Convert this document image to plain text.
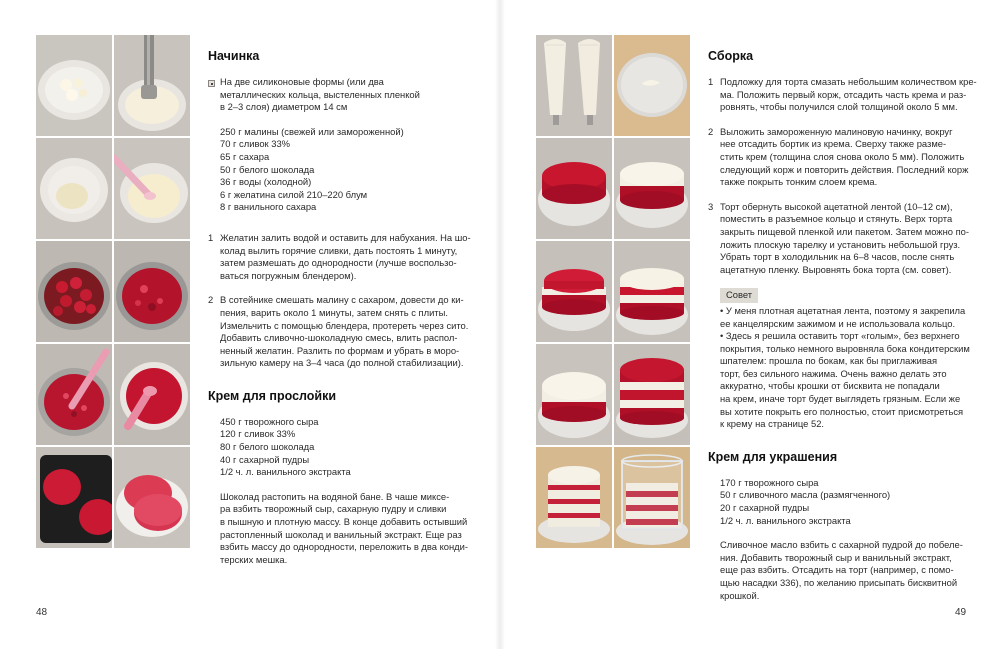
Начинка
На две силиконовые формы (или два
металлических кольца, выстеленных пленкой
в 2–3 слоя) диаметром 14 см
250 г малины (свежей или замороженной)
70 г сливок 33%
65 г сахара
50 г белого шоколада
36 г воды (холодной)
6 г желатина силой 210–220 блум
8 г ванильного сахара
1 Желатин залить водой и оставить для набухания. На шо-
колад вылить горячие сливки, дать постоять 1 минуту,
затем размешать до однородности (лучше воспользо-
ваться погружным блендером).
2 В сотейнике смешать малину с сахаром, довести до ки-
пения, варить около 1 минуты, затем снять с плиты.
Измельчить с помощью блендера, протереть через сито.
Добавить сливочно-шоколадную смесь, влить распол-
ненный желатин. Разлить по формам и убрать в моро-
зильную камеру на 3–4 часа (до полной стабилизации).
Крем для прослойки
450 г творожного сыра
120 г сливок 33%
80 г белого шоколада
40 г сахарной пудры
1/2 ч. л. ванильного экстракта
Шоколад растопить на водяной бане. В чаше миксе-
ра взбить творожный сыр, сахарную пудру и сливки
в пышную и плотную массу. В конце добавить остывший
растопленный шоколад и ванильный экстракт. Еще раз
взбить массу до однородности, переложить в два конди-
терских мешка.
48
Сборка
1 Подложку для торта смазать небольшим количеством кре-
ма. Положить первый корж, отсадить часть крема и раз-
ровнять, чтобы получился слой толщиной около 5 мм.
2 Выложить замороженную малиновую начинку, вокруг
нее отсадить бортик из крема. Сверху также размe-
стить крем (толщина слоя снова около 5 мм). Положить
следующий корж и повторить действия. Последний корж
также покрыть тонким слоем крема.
3 Торт обернуть высокой ацетатной лентой (10–12 см),
поместить в разъемное кольцо и стянуть. Верх торта
закрыть пищевой пленкой или пакетом. Затем можно по-
ложить плоскую тарелку и установить небольшой груз.
Убрать торт в холодильник на 6–8 часов, после снять
ацетатную пленку. Выровнять бока торта (см. совет).
Совет
• У меня плотная ацетатная лента, поэтому я закрепила
ее канцелярским зажимом и не использовала кольцо.
• Здесь я решила оставить торт «голым», без верхнего
покрытия, только немного выровняла бока кондитерским
шпателем: прошла по бокам, как бы приглаживая
торт, без сильного нажима. Очень важно делать это
аккуратно, чтобы крошки от бисквита не попадали
на крем, иначе торт будет выглядеть грязным. Если же
вы хотите покрыть его полностью, стоит присмотреться
к крему на странице 52.
Крем для украшения
170 г творожного сыра
50 г сливочного масла (размягченного)
20 г сахарной пудры
1/2 ч. л. ванильного экстракта
Сливочное масло взбить с сахарной пудрой до побеле-
ния. Добавить творожный сыр и ванильный экстракт,
еще раз взбить. Отсадить на торт (например, с помо-
щью насадки 336), по желанию присыпать бисквитной
крошкой.
49
